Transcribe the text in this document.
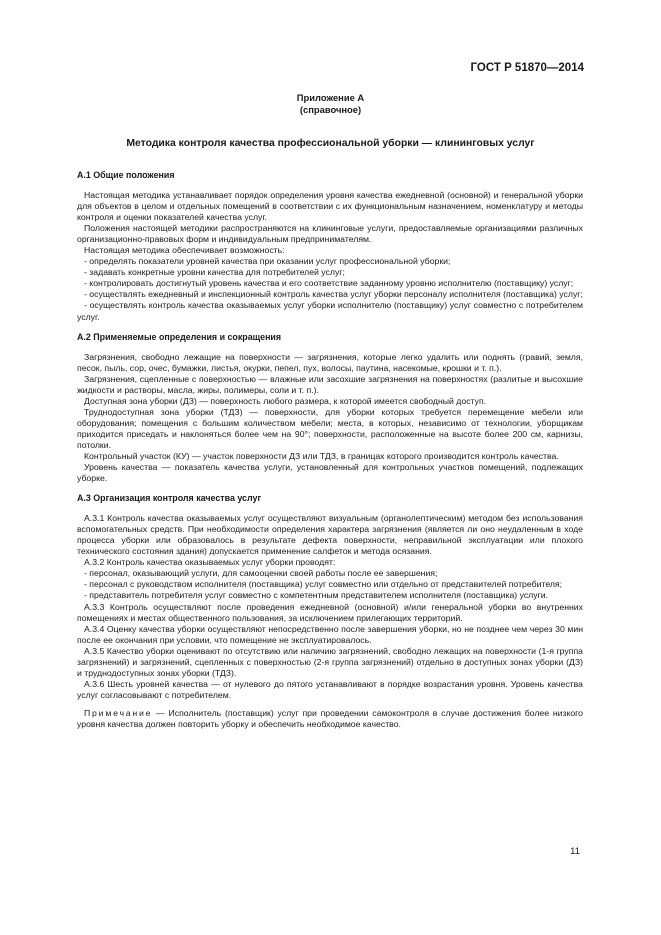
ГОСТ Р 51870—2014
Приложение А
(справочное)
Методика контроля качества профессиональной уборки — клининговых услуг
А.1 Общие положения

Настоящая методика устанавливает порядок определения уровня качества ежедневной (основной) и генеральной уборки для объектов в целом и отдельных помещений в соответствии с их функциональным назначением, номенклатуру и методы контроля и оценки показателей качества услуг.

Положения настоящей методики распространяются на клининговые услуги, предоставляемые организациями различных организационно-правовых форм и индивидуальным предпринимателям.

Настоящая методика обеспечивает возможность:

- определять показатели уровней качества при оказании услуг профессиональной уборки;

- задавать конкретные уровни качества для потребителей услуг;

- контролировать достигнутый уровень качества и его соответствие заданному уровню исполнителю (поставщику) услуг;

- осуществлять ежедневный и инспекционный контроль качества услуг уборки персоналу исполнителя (поставщика) услуг;

- осуществлять контроль качества оказываемых услуг уборки исполнителю (поставщику) услуг совместно с потребителем услуг.

А.2 Применяемые определения и сокращения

Загрязнения, свободно лежащие на поверхности — загрязнения, которые легко удалить или поднять (гравий, земля, песок, пыль, сор, очес, бумажки, листья, окурки, пепел, пух, волосы, паутина, насекомые, крошки и т. п.).

Загрязнения, сцепленные с поверхностью — влажные или засохшие загрязнения на поверхностях (разлитые и высохшие жидкости и растворы, масла, жиры, полимеры, соли и т. п.).

Доступная зона уборки (ДЗ) — поверхность любого размера, к которой имеется свободный доступ.

Труднодоступная зона уборки (ТДЗ) — поверхности, для уборки которых требуется перемещение мебели или оборудования; помещения с большим количеством мебели; места, в которых, независимо от технологии, уборщикам приходится приседать и наклоняться более чем на 90°; поверхности, расположенные на высоте более 200 см, карнизы, потолки.

Контрольный участок (КУ) — участок поверхности ДЗ или ТДЗ, в границах которого производится контроль качества.

Уровень качества — показатель качества услуги, установленный для контрольных участков помещений, подлежащих уборке.

А.3 Организация контроля качества услуг

А.3.1 Контроль качества оказываемых услуг осуществляют визуальным (органолептическим) методом без использования вспомогательных средств. При необходимости определения характера загрязнения (является ли оно неудаленным в ходе процесса уборки или образовалось в результате дефекта поверхности, неправильной эксплуатации или плохого технического состояния здания) допускается применение салфеток и метода осязания.

А.3.2 Контроль качества оказываемых услуг уборки проводят:

- персонал, оказывающий услуги, для самооценки своей работы после ее завершения;

- персонал с руководством исполнителя (поставщика) услуг совместно или отдельно от представителей потребителя;

- представитель потребителя услуг совместно с компетентным представителем исполнителя (поставщика) услуги.

А.3.3 Контроль осуществляют после проведения ежедневной (основной) и/или генеральной уборки во внутренних помещениях и местах общественного пользования, за исключением прилегающих территорий.

А.3.4 Оценку качества уборки осуществляют непосредственно после завершения уборки, но не позднее чем через 30 мин после ее окончания при условии, что помещение не эксплуатировалось.

А.3.5 Качество уборки оценивают по отсутствию или наличию загрязнений, свободно лежащих на поверхности (1-я группа загрязнений) и загрязнений, сцепленных с поверхностью (2-я группа загрязнений) отдельно в доступных зонах уборки (ДЗ) и труднодоступных зонах уборки (ТДЗ).

А.3.6 Шесть уровней качества — от нулевого до пятого устанавливают в порядке возрастания уровня. Уровень качества услуг согласовывают с потребителем.

Примечание — Исполнитель (поставщик) услуг при проведении самоконтроля в случае достижения более низкого уровня качества должен повторить уборку и обеспечить необходимое качество.

11
